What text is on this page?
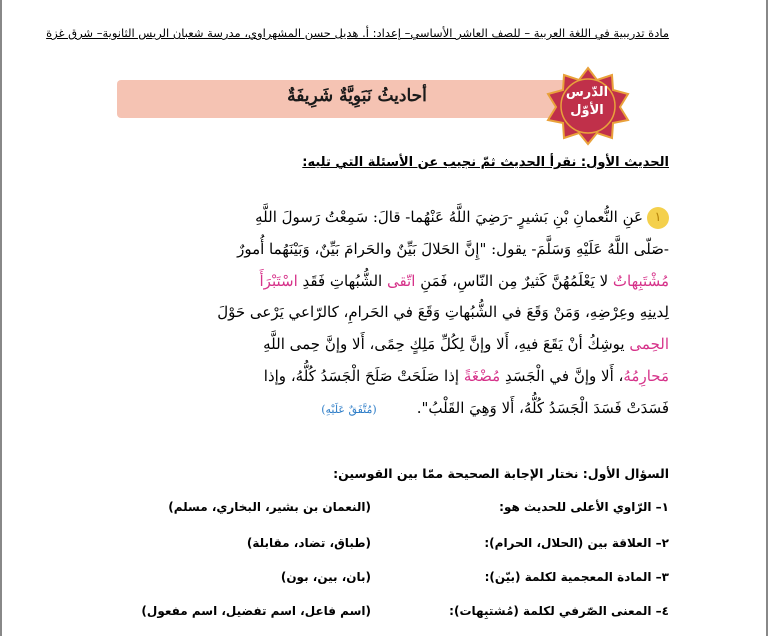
مادة تدريبية في اللغة العربية – للصف العاشر الأساسي– إعداد: أ. هديل حسن المشهراوي، مدرسة شعبان الريس الثانوية– شرق غزة
أحاديثُ نَبَوِيَّةٌ شَرِيفَةٌ	الدّرس
الأوّل
الحديث الأول: نقرأ الحديث ثمّ نجيب عن الأسئلة التي تليه:
١عَنِ النُّعمانِ بْنِ بَشيرٍ -رَضِيَ اللَّهُ عَنْهُما- قالَ: سَمِعْتُ رَسولَ اللَّهِ
-صَلّى اللَّهُ عَلَيْهِ وَسَلَّمَ- يقول: "إِنَّ الحَلالَ بَيِّنٌ والحَرامَ بَيِّنٌ، وَبَيْنَهُما أُمورٌ
مُشْتَبِهاتٌ لا يَعْلَمُهُنَّ كَثيرٌ مِن النّاسِ، فَمَنِ اتّقى الشُّبُهاتِ فَقَدِ اسْتَبْرَأَ
لِدينِهِ وعِرْضِهِ، وَمَنْ وَقَعَ في الشُّبُهاتِ وَقَعَ في الحَرامِ، كالرّاعي يَرْعى حَوْلَ
الحِمى يوشِكُ أنْ يَقَعَ فيهِ، أَلا وإنَّ لِكُلِّ مَلِكٍ حِمًى، أَلا وإنَّ حِمى اللَّهِ
مَحارِمُهُ، أَلا وإنَّ في الْجَسَدِ مُضْغَةً إذا صَلَحَتْ صَلَحَ الْجَسَدُ كُلُّهُ، وإذا
فَسَدَتْ فَسَدَ الْجَسَدُ كُلُّهُ، أَلا وَهِيَ القَلْبُ".(مُتَّفَقٌ عَلَيْهِ)
السؤال الأول: نختار الإجابة الصحيحة ممّا بين القوسين:
١– الرّاوي الأعلى للحديث هو:
(النعمان بن بشير، البخاري، مسلم)
٢– العلاقة بين (الحلال، الحرام):
(طباق، تضاد، مقابلة)
٣– المادة المعجمية لكلمة (بيّن):
(بان، بين، بون)
٤– المعنى الصّرفي لكلمة (مُشتبِهات):
(اسم فاعل، اسم تفضيل، اسم مفعول)
